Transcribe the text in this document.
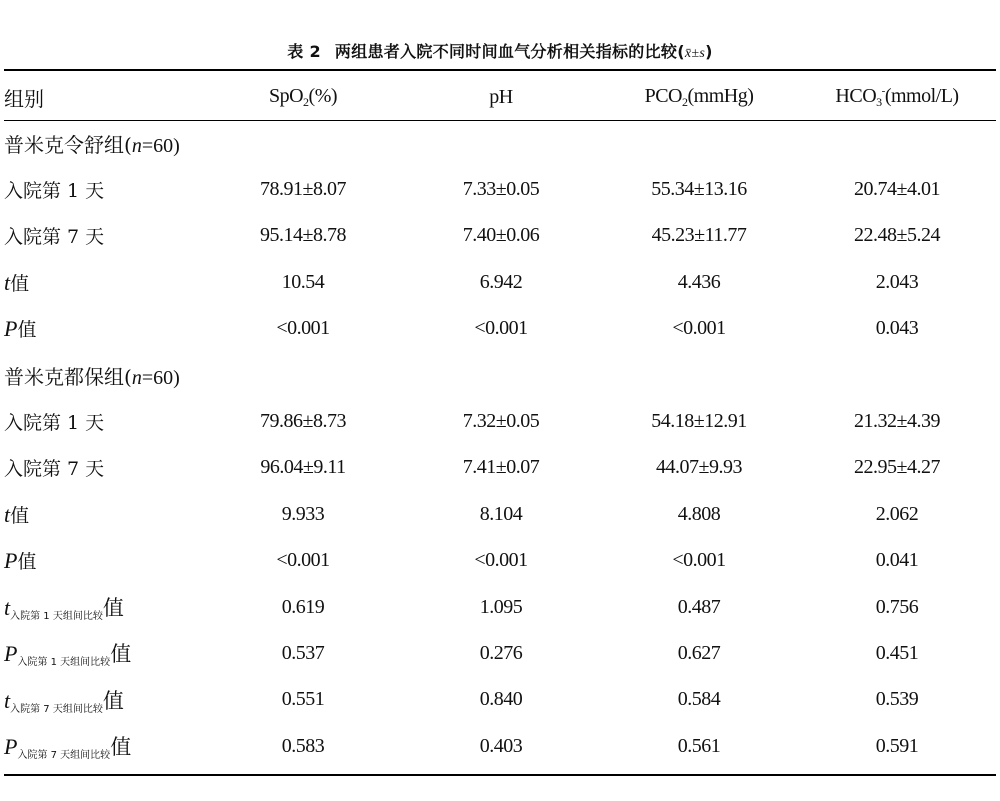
表 2 两组患者入院不同时间血气分析相关指标的比较(x̄±s)
组别	SpO$_2$(%)	pH	$PCO_2(mmHg)$	$HCO_3^-(mmol/L)$
普米克令舒组(n=60)				
入院第 1 天	78.91±8.07	7.33±0.05	55.34±13.16	20.74±4.01
入院第 7 天	95.14±8.78	7.40±0.06	45.23±11.77	22.48±5.24
t值	10.54	6.942	4.436	2.043
P值	<0.001	<0.001	<0.001	0.043
普米克都保组(n=60)				
入院第 1 天	79.86±8.73	7.32±0.05	54.18±12.91	21.32±4.39
入院第 7 天	96.04±9.11	7.41±0.07	44.07±9.93	22.95±4.27
t值	9.933	8.104	4.808	2.062
P值	<0.001	<0.001	<0.001	0.041
$t_{入院第 1 天组间比较}$值	0.619	1.095	0.487	0.756
$P_{入院第 1 天组间比较}$值	0.537	0.276	0.627	0.451
$t_{入院第 7 天组间比较}$值	0.551	0.840	0.584	0.539
$P_{入院第 7 天组间比较}$值	0.583	0.403	0.561	0.591
